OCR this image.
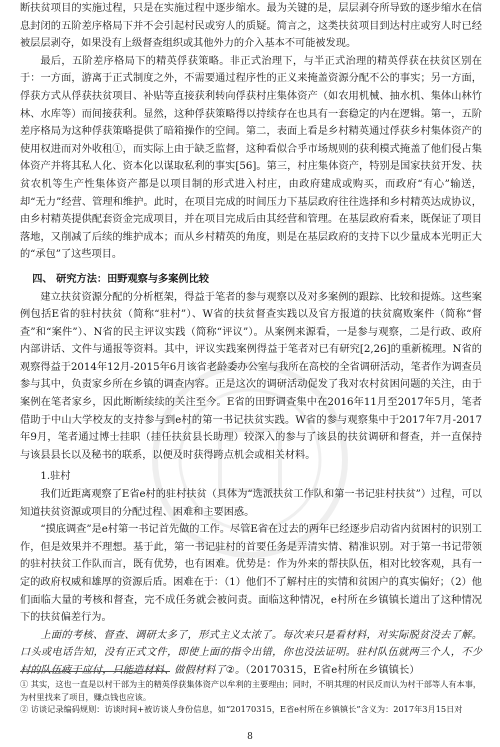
断扶贫项目的实施过程，只是在实施过程中逐步缩水。最为关键的是，层层剥夺所导致的逐步缩水在信息封闭的五阶差序格局下并不会引起村民或穷人的质疑。简言之，这类扶贫项目到达村庄或穷人时已经被层层剥夺，如果没有上级督查组织或其他外力的介入基本不可能被发现。

最后，五阶差序格局下的精英俘获策略。非正式治理下，与半正式治理的精英俘获在扶贫区别在于：一方面，游离于正式制度之外，不需要通过程序性的正义来掩盖资源分配不公的事实；另一方面，俘获方式从俘获扶贫项目、补贴等直接获利转向俘获村庄集体资产（如农用机械、抽水机、集体山林竹林、水库等）而间接获利。显然，这种俘获策略得以持续存在也具有一套稳定的内在逻辑。第一，五阶差序格局为这种俘获策略提供了暗箱操作的空间。第二，表面上看是乡村精英通过俘获乡村集体资产的使用权进而对外收租①，而实际上由于缺乏监督，这种看似合乎市场规则的获利模式掩盖了他们侵占集体资产并将其私人化、资本化以谋取私利的事实[56]。第三，村庄集体资产，特别是国家扶贫开发、扶贫农机等生产性集体资产都是以项目制的形式进入村庄，由政府建成或购买，而政府“有心”输送，却“无力”经营、管理和维护。此时，在项目完成的时间压力下基层政府往往选择和乡村精英达成协议，由乡村精英提供配套资金完成项目，并在项目完成后由其经营和管理。在基层政府看来，既保证了项目落地，又削减了后续的维护成本；而从乡村精英的角度，则是在基层政府的支持下以少量成本光明正大的“承包”了这些项目。

四、 研究方法：田野观察与多案例比较

建立扶贫资源分配的分析框架，得益于笔者的参与观察以及对多案例的跟踪、比较和提炼。这些案例包括E省的驻村扶贫（简称“驻村”）、W省的扶贫督查实践以及官方报道的扶贫腐败案件（简称“督查”和“案件”）、N省的民主评议实践（简称“评议”）。从案例来源看，一是参与观察，二是行政、政府内部讲话、文件与通报等资料。其中，评议实践案例得益于笔者对已有研究[2,26]的重新梳理。N省的观察得益于2014年12月-2015年6月该省老龄委办公室与我所在高校的全省调研活动，笔者作为调查员参与其中，负责家乡所在乡镇的调查内容。正是这次的调研活动促发了我对农村贫困问题的关注，由于案例在笔者家乡，因此断断续续的关注至今。E省的田野调查集中在2016年11月至2017年5月，笔者借助于中山大学校友的支持参与到e村的第一书记扶贫实践。W省的参与观察集中于2017年7月-2017年9月，笔者通过博士挂职（挂任扶贫县长助理）较深入的参与了该县的扶贫调研和督查，并一直保持与该县县长以及秘书的联系，以便及时获得跨点机会或相关材料。

1.驻村

我们近距离观察了E省e村的驻村扶贫（具体为“选派扶贫工作队和第一书记驻村扶贫”）过程，可以知道扶贫资源或项目的分配过程、困难和主要困惑。

“摸底调查”是e村第一书记首先做的工作。尽管E省在过去的两年已经逐步启动省内贫困村的识别工作，但是效果并不理想。基于此，第一书记驻村的首要任务是弄清实情、精准识别。对于第一书记带领的驻村扶贫工作队而言，既有优势，也有困难。优势是：作为外来的帮扶队伍，相对比较客观，具有一定的政府权威和雄厚的资源后盾。困难在于：（1）他们不了解村庄的实情和贫困户的真实偏好；（2）他们面临大量的考核和督查，完不成任务就会被问责。面临这种情况，e村所在乡镇镇长道出了这种情况下的扶贫偏差行为。

上面的考核、督查、调研太多了，形式主义太浓了。每次来只是看材料，对实际脱贫没去了解。口头或电话告知，没有正式文件，即使上面的指令出错，你也没法证明。驻村队伍就两三个人，不少村的队伍疲于应付，只能造材料、做假材料了②。（20170315，E省e村所在乡镇镇长）

① 其实，这也一直是以村干部为主的精英俘获集体资产以牟利的主要理由；同时，不明其理的村民反而认为村干部等人有本事，为村里找来了项目，赚点钱也应该。
② 访谈记录编码规则：访谈时间+被访谈人身份信息，如“20170315，E省e村所在乡镇镇长”含义为：2017年3月15日对
8
